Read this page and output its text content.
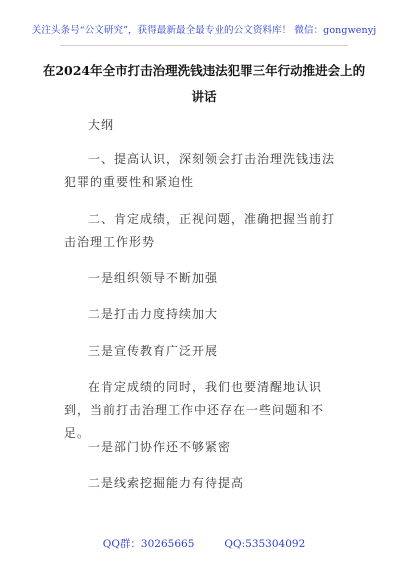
关注头条号“公文研究”，获得最新最全最专业的公文资料库！ 微信：gongwenyj
在2024年全市打击治理洗钱违法犯罪三年行动推进会上的
讲话

大纲

一、提高认识，深刻领会打击治理洗钱违法犯罪的重要性和紧迫性

二、肯定成绩，正视问题，准确把握当前打击治理工作形势

一是组织领导不断加强

二是打击力度持续加大

三是宣传教育广泛开展

在肯定成绩的同时，我们也要清醒地认识到，当前打击治理工作中还存在一些问题和不足。

一是部门协作还不够紧密

二是线索挖掘能力有待提高

QQ群：30265665	QQ:535304092
